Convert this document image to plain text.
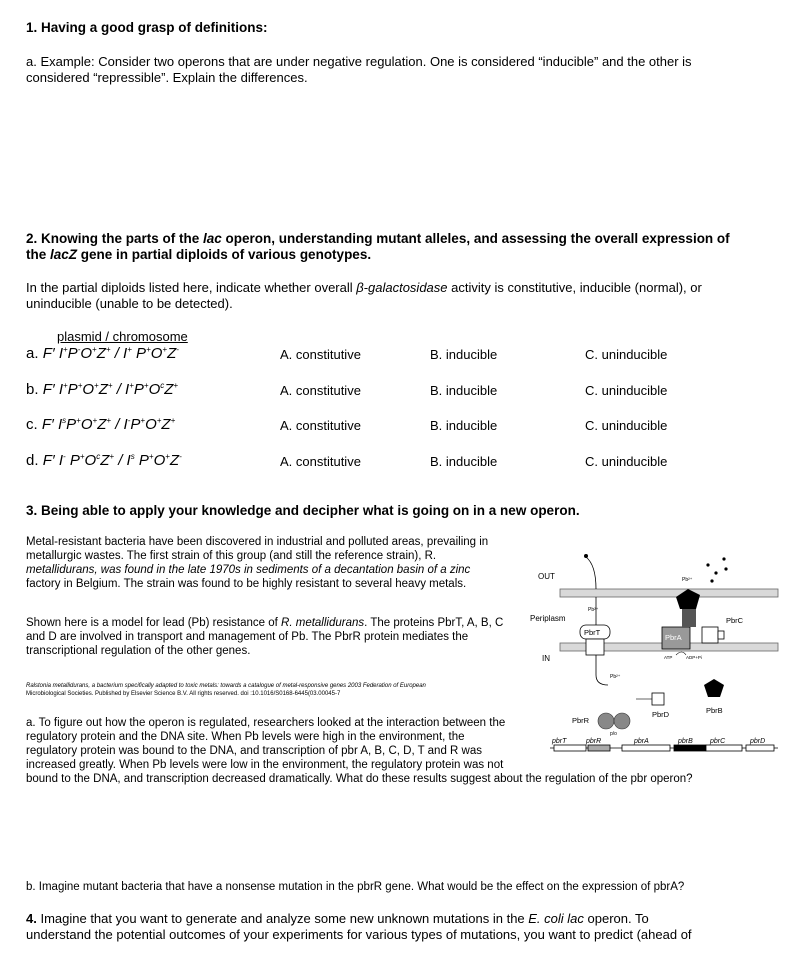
1. Having a good grasp of definitions:
a. Example: Consider two operons that are under negative regulation. One is considered “inducible” and the other is
considered “repressible”. Explain the differences.
2. Knowing the parts of the lac operon, understanding mutant alleles, and assessing the overall expression of
the lacZ gene in partial diploids of various genotypes.
In the partial diploids listed here, indicate whether overall β-galactosidase activity is constitutive, inducible (normal), or
uninducible (unable to be detected).
plasmid / chromosome
a. F′ I+P-O+Z+ / I+ P+O+Z-	A. constitutive	B. inducible	C. uninducible
b. F′ $I^+P^+O^+Z^+ / I^+P^+O^cZ^+$	A. constitutive	B. inducible	C. uninducible
c. F′ $I^sP^+O^+Z^+ / I^-P^+O^+Z^+$	A. constitutive	B. inducible	C. uninducible
d. F′ I- $P^+O^cZ^+ / I^s$ P+O+Z-	A. constitutive	B. inducible	C. uninducible
3. Being able to apply your knowledge and decipher what is going on in a new operon.
Metal-resistant bacteria have been discovered in industrial and polluted areas, prevailing in
metallurgic wastes. The first strain of this group (and still the reference strain), R.
metallidurans, was found in the late 1970s in sediments of a decantation basin of a zinc
factory in Belgium. The strain was found to be highly resistant to several heavy metals.
Shown here is a model for lead (Pb) resistance of R. metallidurans. The proteins PbrT, A, B, C
and D are involved in transport and management of Pb. The PbrR protein mediates the
transcriptional regulation of the other genes.
Ralstonia metallidurans, a bacterium specifically adapted to toxic metals: towards a catalogue of metal-responsive genes 2003 Federation of European
Microbiological Societies. Published by Elsevier Science B.V. All rights reserved. doi :10.1016/S0168-6445(03.00045-7
a. To figure out how the operon is regulated, researchers looked at the interaction between the
regulatory protein and the DNA site. When Pb levels were high in the environment, the
regulatory protein was bound to the DNA, and transcription of pbr A, B, C, D, T and R was
increased greatly. When Pb levels were low in the environment, the regulatory protein was not
bound to the DNA, and transcription decreased dramatically. What do these results suggest about the regulation of the pbr operon?
b. Imagine mutant bacteria that have a nonsense mutation in the pbrR gene. What would be the effect on the expression of pbrA?
OUT
Periplasm
IN
Pb²⁺
PbrT
Pb²⁺
PbrA
PbrC
Pb²⁺
ATP	ADP+Pi
PbrD	PbrB
PbrR
p/o
pbrT	pbrR	pbrA	pbrB pbrC	pbrD
4. Imagine that you want to generate and analyze some new unknown mutations in the E. coli lac operon. To
understand the potential outcomes of your experiments for various types of mutations, you want to predict (ahead of
